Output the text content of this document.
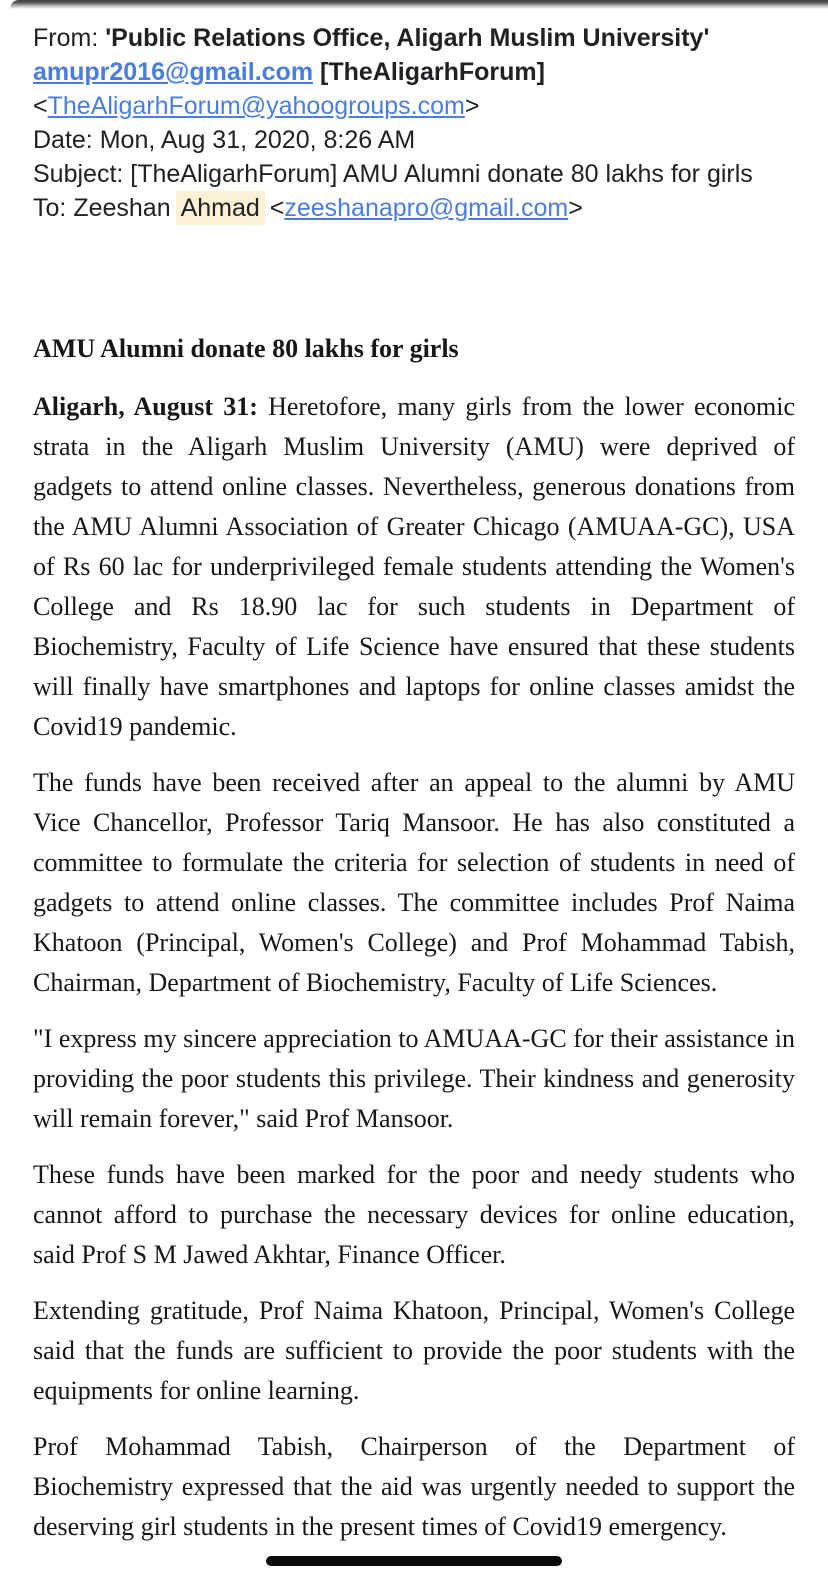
From: 'Public Relations Office, Aligarh Muslim University' amupr2016@gmail.com [TheAligarhForum] <TheAligarhForum@yahoogroups.com>
Date: Mon, Aug 31, 2020, 8:26 AM
Subject: [TheAligarhForum] AMU Alumni donate 80 lakhs for girls
To: Zeeshan Ahmad <zeeshanapro@gmail.com>
AMU Alumni donate 80 lakhs for girls

Aligarh, August 31: Heretofore, many girls from the lower economic strata in the Aligarh Muslim University (AMU) were deprived of gadgets to attend online classes. Nevertheless, generous donations from the AMU Alumni Association of Greater Chicago (AMUAA-GC), USA of Rs 60 lac for underprivileged female students attending the Women's College and Rs 18.90 lac for such students in Department of Biochemistry, Faculty of Life Science have ensured that these students will finally have smartphones and laptops for online classes amidst the Covid19 pandemic.

The funds have been received after an appeal to the alumni by AMU Vice Chancellor, Professor Tariq Mansoor. He has also constituted a committee to formulate the criteria for selection of students in need of gadgets to attend online classes. The committee includes Prof Naima Khatoon (Principal, Women's College) and Prof Mohammad Tabish, Chairman, Department of Biochemistry, Faculty of Life Sciences.

"I express my sincere appreciation to AMUAA-GC for their assistance in providing the poor students this privilege. Their kindness and generosity will remain forever," said Prof Mansoor.

These funds have been marked for the poor and needy students who cannot afford to purchase the necessary devices for online education, said Prof S M Jawed Akhtar, Finance Officer.

Extending gratitude, Prof Naima Khatoon, Principal, Women's College said that the funds are sufficient to provide the poor students with the equipments for online learning.

Prof Mohammad Tabish, Chairperson of the Department of Biochemistry expressed that the aid was urgently needed to support the deserving girl students in the present times of Covid19 emergency.
